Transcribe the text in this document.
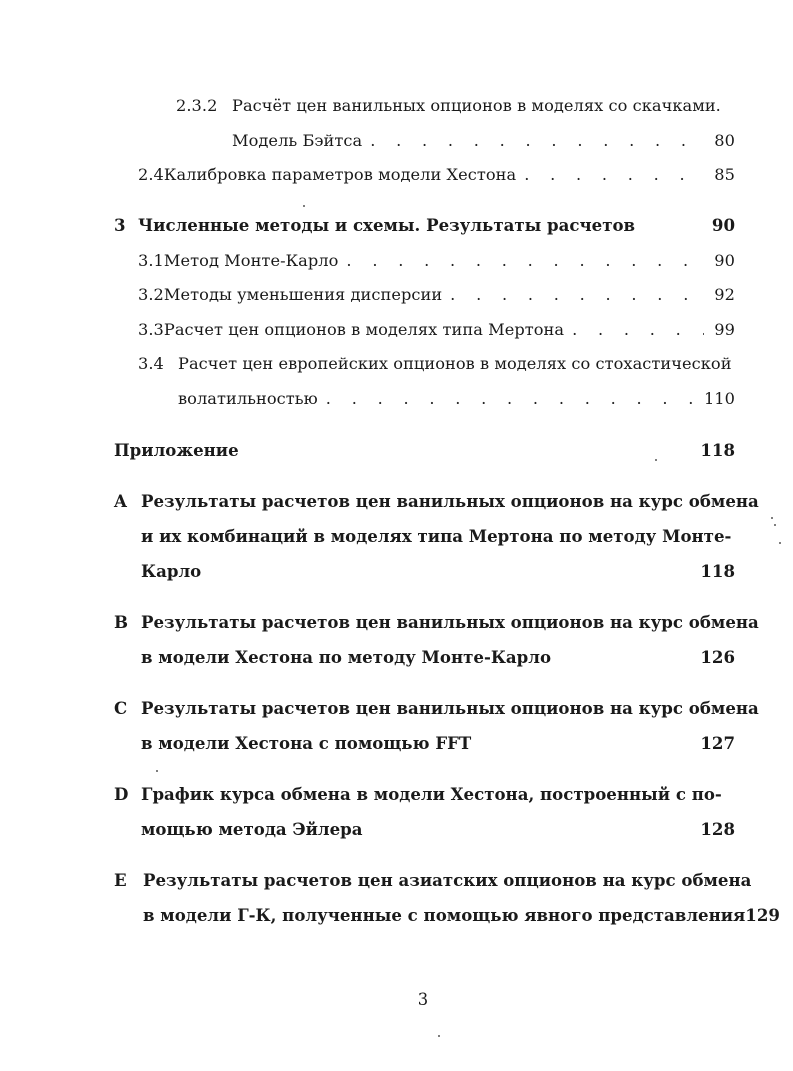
2.3.2 Расчёт цен ванильных опционов в моделях со скачками.
Модель Бэйтса . . .	80
2.4 Калибровка параметров модели Хестона . . .	85
3 Численные методы и схемы. Результаты расчетов	90
3.1 Метод Монте-Карло . . .	90
3.2 Методы уменьшения дисперсии . . .	92
3.3 Расчет цен опционов в моделях типа Мертона . . .	99
3.4 Расчет цен европейских опционов в моделях со стохастической
волатильностью . . .	110
Приложение	118
A Результаты расчетов цен ванильных опционов на курс обмена
и их комбинаций в моделях типа Мертона по методу Монте-
Карло	118
B Результаты расчетов цен ванильных опционов на курс обмена
в модели Хестона по методу Монте-Карло	126
C Результаты расчетов цен ванильных опционов на курс обмена
в модели Хестона с помощью FFT	127
D График курса обмена в модели Хестона, построенный с по-
мощью метода Эйлера	128
E Результаты расчетов цен азиатских опционов на курс обмена
в модели Г-К, полученные с помощью явного представления 129
3
